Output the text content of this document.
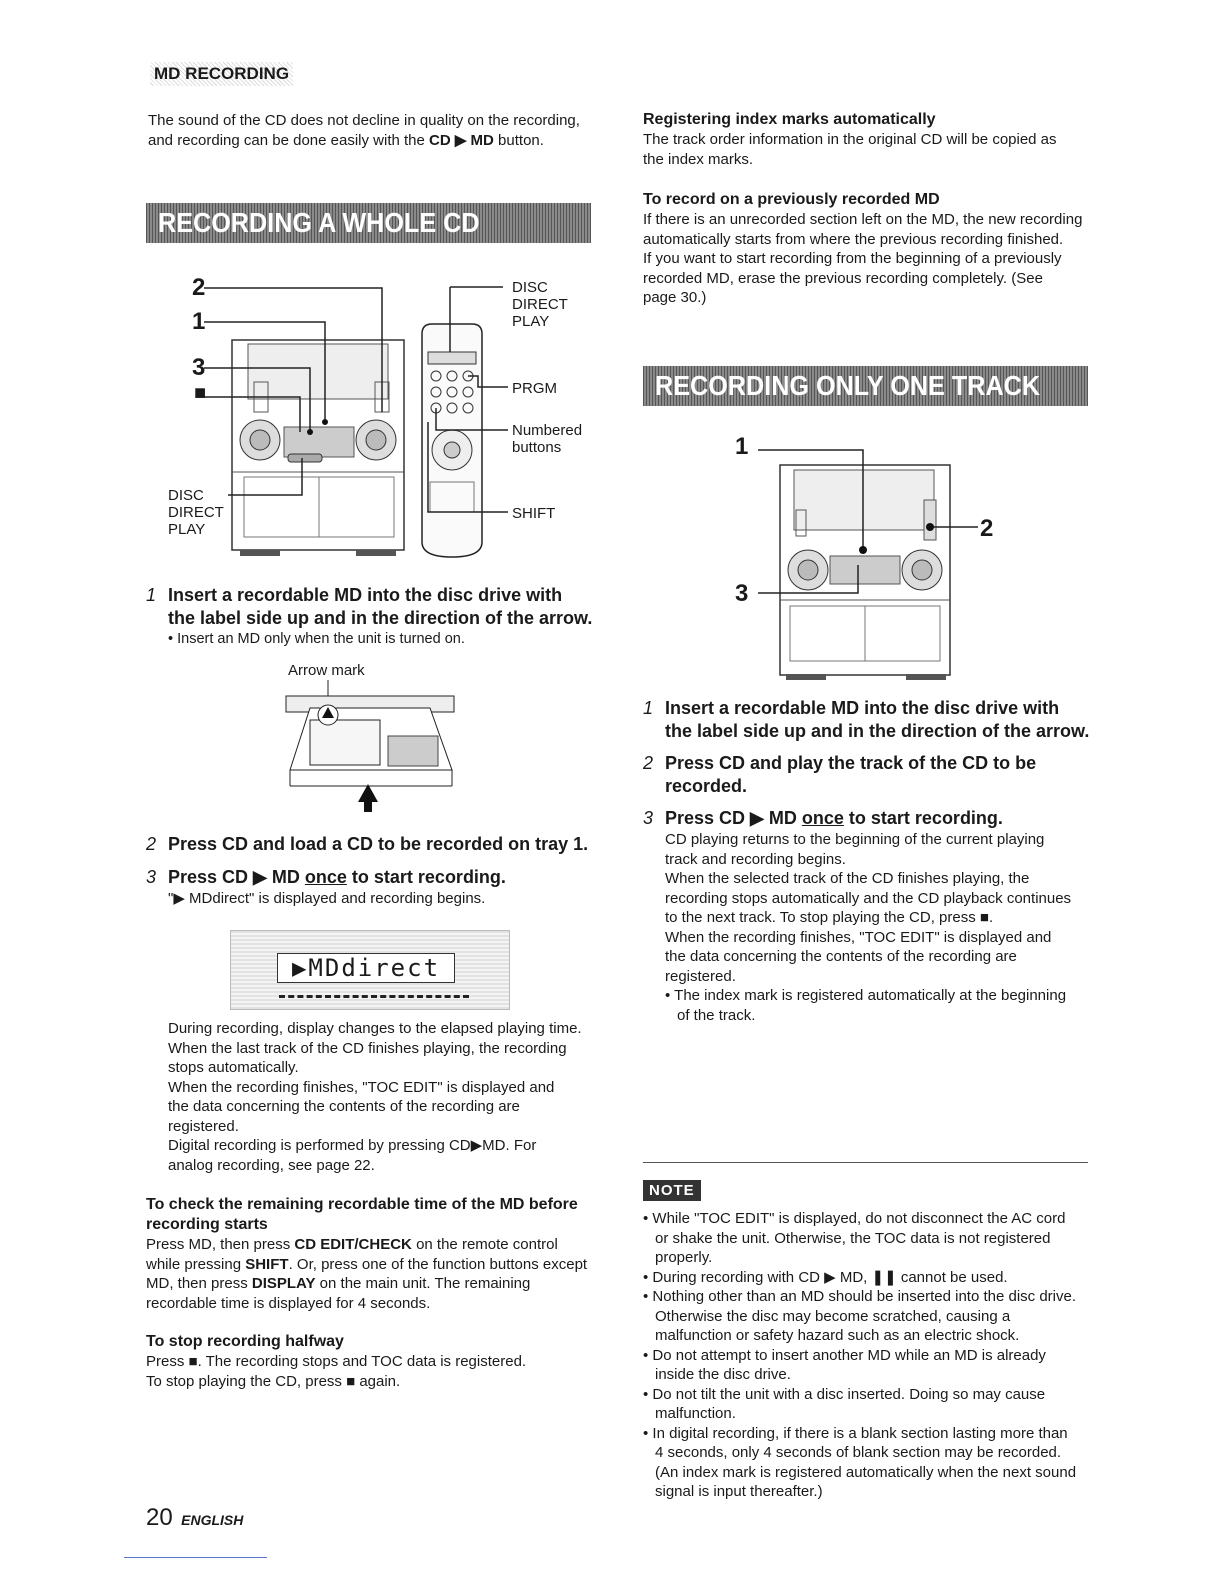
MD RECORDING

The sound of the CD does not decline in quality on the recording,

and recording can be done easily with the CD ▶ MD button.

RECORDING A WHOLE CD
2
1
3
■
DISC
DIRECT
PLAY
PRGM
Numbered
buttons
SHIFT
DISC
DIRECT
PLAY

1 Insert a recordable MD into the disc drive with

the label side up and in the direction of the arrow.

• Insert an MD only when the unit is turned on.

Arrow mark

2 Press CD and load a CD to be recorded on tray 1.

3 Press CD ▶ MD once to start recording.

"▶ MDdirect" is displayed and recording begins.

▶MDdirect

During recording, display changes to the elapsed playing time.

When the last track of the CD finishes playing, the recording

stops automatically.

When the recording finishes, "TOC EDIT" is displayed and

the data concerning the contents of the recording are

registered.

Digital recording is performed by pressing CD▶MD. For

analog recording, see page 22.

To check the remaining recordable time of the MD before

recording starts

Press MD, then press CD EDIT/CHECK on the remote control

while pressing SHIFT. Or, press one of the function buttons except

MD, then press DISPLAY on the main unit. The remaining

recordable time is displayed for 4 seconds.

To stop recording halfway

Press ■. The recording stops and TOC data is registered.

To stop playing the CD, press ■ again.

20 ENGLISH

Registering index marks automatically

The track order information in the original CD will be copied as

the index marks.

To record on a previously recorded MD

If there is an unrecorded section left on the MD, the new recording

automatically starts from where the previous recording finished.

If you want to start recording from the beginning of a previously

recorded MD, erase the previous recording completely. (See

page 30.)

RECORDING ONLY ONE TRACK
1
2
3

1 Insert a recordable MD into the disc drive with

the label side up and in the direction of the arrow.

2 Press CD and play the track of the CD to be

recorded.

3 Press CD ▶ MD once to start recording.

CD playing returns to the beginning of the current playing

track and recording begins.

When the selected track of the CD finishes playing, the

recording stops automatically and the CD playback continues

to the next track. To stop playing the CD, press ■.

When the recording finishes, "TOC EDIT" is displayed and

the data concerning the contents of the recording are

registered.

• The index mark is registered automatically at the beginning

of the track.

NOTE

• While "TOC EDIT" is displayed, do not disconnect the AC cord

or shake the unit. Otherwise, the TOC data is not registered

properly.

• During recording with CD ▶ MD, ❚❚ cannot be used.

• Nothing other than an MD should be inserted into the disc drive.

Otherwise the disc may become scratched, causing a

malfunction or safety hazard such as an electric shock.

• Do not attempt to insert another MD while an MD is already

inside the disc drive.

• Do not tilt the unit with a disc inserted. Doing so may cause

malfunction.

• In digital recording, if there is a blank section lasting more than

4 seconds, only 4 seconds of blank section may be recorded.

(An index mark is registered automatically when the next sound

signal is input thereafter.)
